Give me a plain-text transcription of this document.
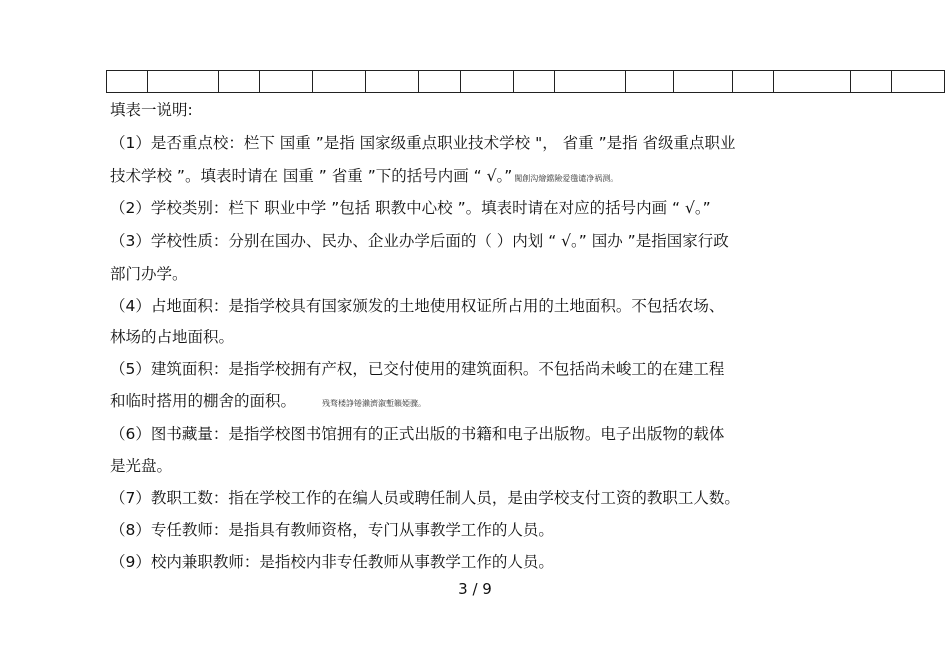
填表一说明:
（1）是否重点校：栏下 国重 ”是指 国家级重点职业技术学校 "， 省重 ”是指 省级重点职业
技术学校 ”。填表时请在 国重 ” 省重 ”下的括号内画 “ √。” 闖創沟燴鐺險爱氇谴净祸测。
（2）学校类别：栏下 职业中学 ”包括 职教中心校 ”。填表时请在对应的括号内画 “ √。”
（3）学校性质：分别在国办、民办、企业办学后面的（ ）内划 “ √。” 国办 ”是指国家行政
部门办学。
（4）占地面积：是指学校具有国家颁发的土地使用权证所占用的土地面积。不包括农场、
林场的占地面积。
（5）建筑面积：是指学校拥有产权，已交付使用的建筑面积。不包括尚未峻工的在建工程
和临时搭用的棚舍的面积。	残骛楼諍锩瀨濟溆塹籟婭骤。
（6）图书藏量：是指学校图书馆拥有的正式出版的书籍和电子出版物。电子出版物的载体
是光盘。
（7）教职工数：指在学校工作的在编人员或聘任制人员，是由学校支付工资的教职工人数。
（8）专任教师：是指具有教师资格，专门从事教学工作的人员。
（9）校内兼职教师：是指校内非专任教师从事教学工作的人员。
3 / 9
